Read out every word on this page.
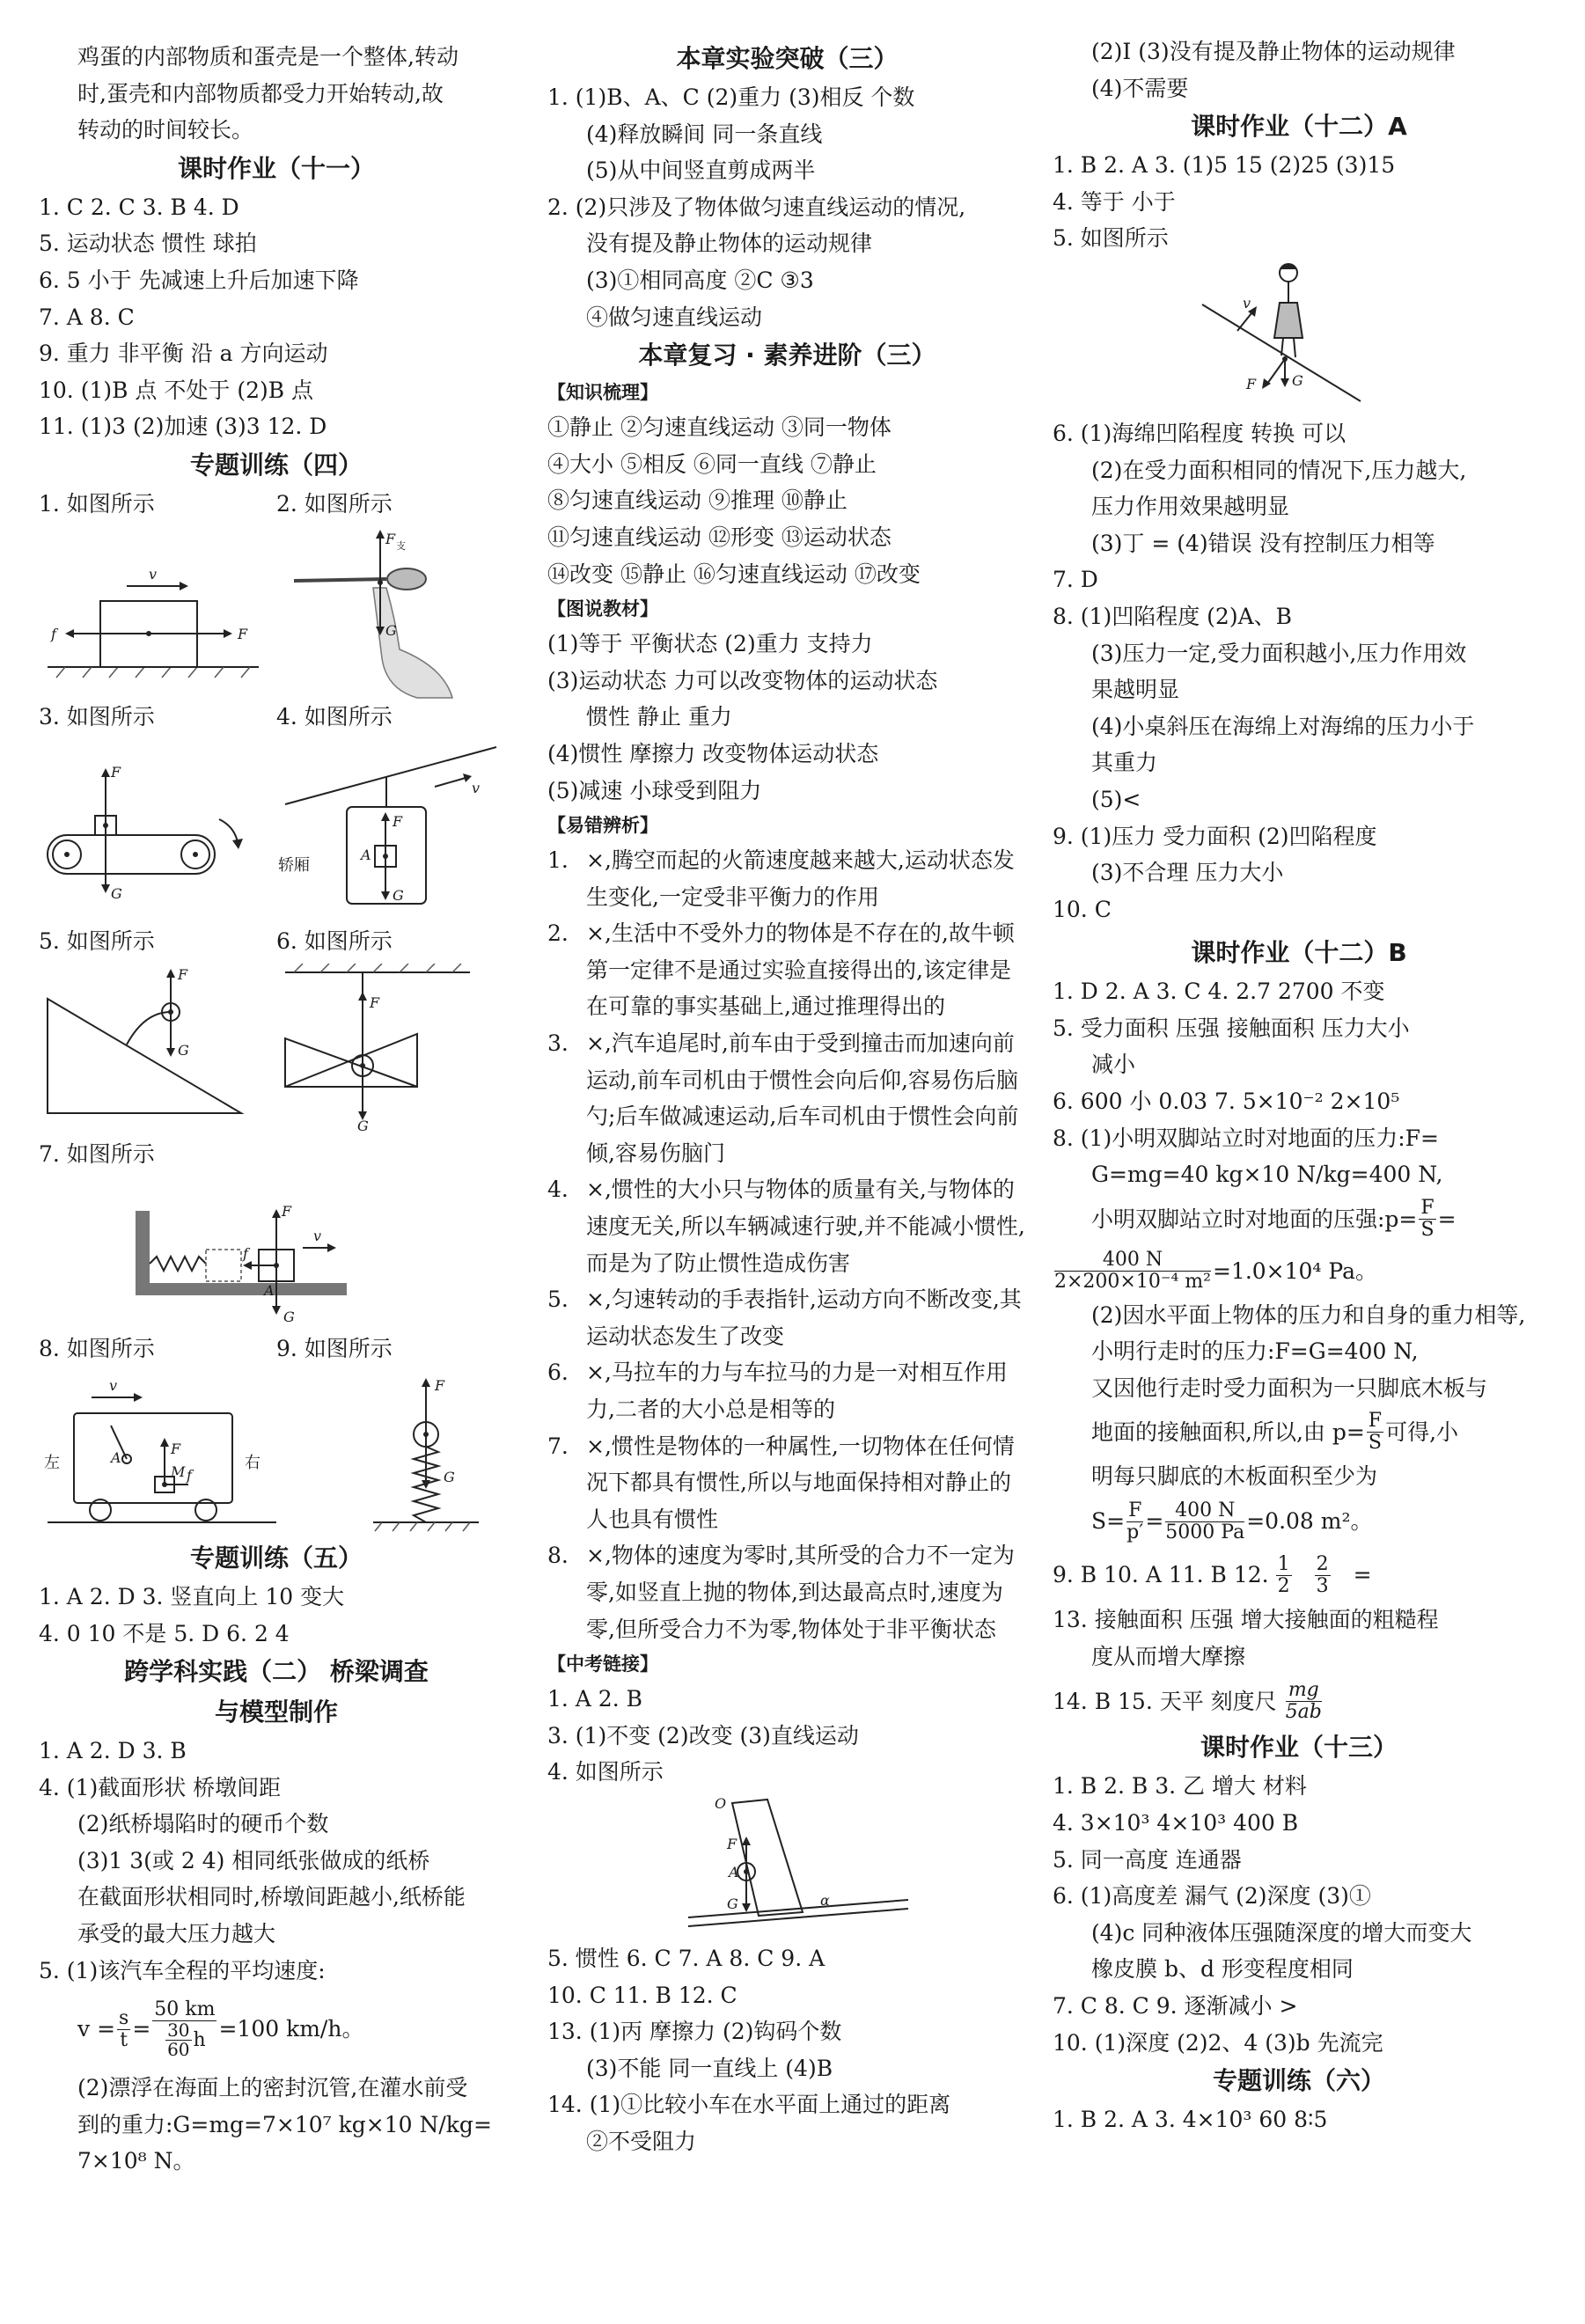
鸡蛋的内部物质和蛋壳是一个整体,转动
时,蛋壳和内部物质都受力开始转动,故
转动的时间较长。
课时作业（十一）
1. C 2. C 3. B 4. D
5. 运动状态 惯性 球拍
6. 5 小于 先减速上升后加速下降
7. A 8. C
9. 重力 非平衡 沿 a 方向运动
10. (1)B 点 不处于 (2)B 点
11. (1)3 (2)加速 (3)3 12. D
专题训练（四）
1. 如图所示	2. 如图所示
v
f	F
F 支
G
3. 如图所示	4. 如图所示
F
G
v
F
G
A
轿厢
5. 如图所示	6. 如图所示
F
G
F
G
7. 如图所示
F
G
A
f
v
8. 如图所示	9. 如图所示
v
A
F
M f
左	右
F
G
专题训练（五）
1. A 2. D 3. 竖直向上 10 变大
4. 0 10 不是 5. D 6. 2 4
跨学科实践（二） 桥梁调查
与模型制作
1. A 2. D 3. B
4. (1)截面形状 桥墩间距
(2)纸桥塌陷时的硬币个数
(3)1 3(或 2 4) 相同纸张做成的纸桥
在截面形状相同时,桥墩间距越小,纸桥能
承受的最大压力越大
5. (1)该汽车全程的平均速度:
$v = \frac{s}{t} = \frac{50 km}{\frac{30}{60} h} =100$ km/h。
(2)漂浮在海面上的密封沉管,在灌水前受
到的重力:G=mg=7×10⁷ kg×10 N/kg=
7×10⁸ N。
本章实验突破（三）
1. (1)B、A、C (2)重力 (3)相反 个数
(4)释放瞬间 同一条直线
(5)从中间竖直剪成两半
2. (2)只涉及了物体做匀速直线运动的情况,
没有提及静止物体的运动规律
(3)①相同高度 ②C ③3
④做匀速直线运动
本章复习 · 素养进阶（三）
【知识梳理】
①静止 ②匀速直线运动 ③同一物体
④大小 ⑤相反 ⑥同一直线 ⑦静止
⑧匀速直线运动 ⑨推理 ⑩静止
⑪匀速直线运动 ⑫形变 ⑬运动状态
⑭改变 ⑮静止 ⑯匀速直线运动 ⑰改变
【图说教材】
(1)等于 平衡状态 (2)重力 支持力
(3)运动状态 力可以改变物体的运动状态
惯性 静止 重力
(4)惯性 摩擦力 改变物体运动状态
(5)减速 小球受到阻力
【易错辨析】
1. ×,腾空而起的火箭速度越来越大,运动状态发生变化,一定受非平衡力的作用
2. ×,生活中不受外力的物体是不存在的,故牛顿第一定律不是通过实验直接得出的,该定律是在可靠的事实基础上,通过推理得出的
3. ×,汽车追尾时,前车由于受到撞击而加速向前运动,前车司机由于惯性会向后仰,容易伤后脑勺;后车做减速运动,后车司机由于惯性会向前倾,容易伤脑门
4. ×,惯性的大小只与物体的质量有关,与物体的速度无关,所以车辆减速行驶,并不能减小惯性,而是为了防止惯性造成伤害
5. ×,匀速转动的手表指针,运动方向不断改变,其运动状态发生了改变
6. ×,马拉车的力与车拉马的力是一对相互作用力,二者的大小总是相等的
7. ×,惯性是物体的一种属性,一切物体在任何情况下都具有惯性,所以与地面保持相对静止的人也具有惯性
8. ×,物体的速度为零时,其所受的合力不一定为零,如竖直上抛的物体,到达最高点时,速度为零,但所受合力不为零,物体处于非平衡状态
【中考链接】
1. A 2. B
3. (1)不变 (2)改变 (3)直线运动
4. 如图所示
O
F
A
G	α
5. 惯性 6. C 7. A 8. C 9. A
10. C 11. B 12. C
13. (1)丙 摩擦力 (2)钩码个数
(3)不能 同一直线上 (4)B
14. (1)①比较小车在水平面上通过的距离
②不受阻力
(2)Ⅰ (3)没有提及静止物体的运动规律
(4)不需要
课时作业（十二）A
1. B 2. A 3. (1)5 15 (2)25 (3)15
4. 等于 小于
5. 如图所示
v
F	G
6. (1)海绵凹陷程度 转换 可以
(2)在受力面积相同的情况下,压力越大,
压力作用效果越明显
(3)丁 = (4)错误 没有控制压力相等
7. D
8. (1)凹陷程度 (2)A、B
(3)压力一定,受力面积越小,压力作用效
果越明显
(4)小桌斜压在海绵上对海绵的压力小于
其重力
(5)<
9. (1)压力 受力面积 (2)凹陷程度
(3)不合理 压力大小
10. C
课时作业（十二）B
1. D 2. A 3. C 4. 2.7 2700 不变
5. 受力面积 压强 接触面积 压力大小
减小
6. 600 小 0.03 7. 5×10⁻² 2×10⁵
8. (1)小明双脚站立时对地面的压力:F=
G=mg=40 kg×10 N/kg=400 N,
小明双脚站立时对地面的压强:p= $\frac{F}{S}$ =
$\frac{400 N}{\text{2×200×10⁻⁴ m²}} =1.0\times 10^4$ Pa。
(2)因水平面上物体的压力和自身的重力相等,
小明行走时的压力:F=G=400 N,
又因他行走时受力面积为一只脚底木板与
地面的接触面积,所以,由 $p= \frac{F}{S}$ 可得,小
明每只脚底的木板面积至少为
$S= \frac{F}{p'} = \frac{400 N}{5000 Pa} =0.08$ m²。
9. B 10. A 11. B 12. $\frac{1}{2} \frac{2}{3}$ =
13. 接触面积 压强 增大接触面的粗糙程
度从而增大摩擦
14. B 15. 天平 刻度尺 $\frac{mg}{5ab}$
课时作业（十三）
1. B 2. B 3. 乙 增大 材料
4. 3×10³ 4×10³ 400 B
5. 同一高度 连通器
6. (1)高度差 漏气 (2)深度 (3)①
(4)c 同种液体压强随深度的增大而变大
橡皮膜 b、d 形变程度相同
7. C 8. C 9. 逐渐减小 >
10. (1)深度 (2)2、4 (3)b 先流完
专题训练（六）
1. B 2. A 3. 4×10³ 60 8∶5
